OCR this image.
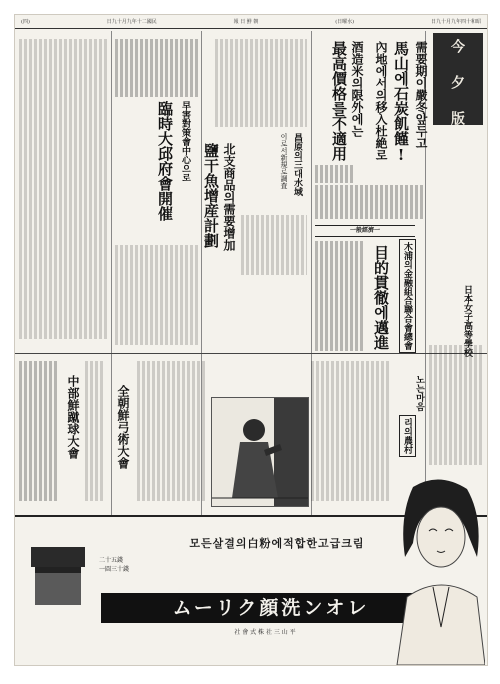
(四)	日九十月九年十二國民	報 日 鮮 朝	(日曜水)	日九十月九年四十和昭
今 夕 版
需要期이嚴冬앞두고
馬山에石炭飢饉!
內地에서의移入杜絶로
酒造米의限外에는
最高價格를不適用
昌原의三대水域
이로서新規로調査
一般經濟一
木浦의金融組合聯合會總會
目的貫徹에邁進
北支商品의需要增加
鹽干魚增産計劃
早害對策會中心으로
臨時大邱府會開催
中部鮮蹴球大會	全朝鮮弓術大會	리의農村
노는마음
日本女子高等學校
모든살결의白粉에적합한고급크림
二十五錢
一圓三十錢
ムーリク顔洗ンオレ
社 會 式 株 社 三 山 平
